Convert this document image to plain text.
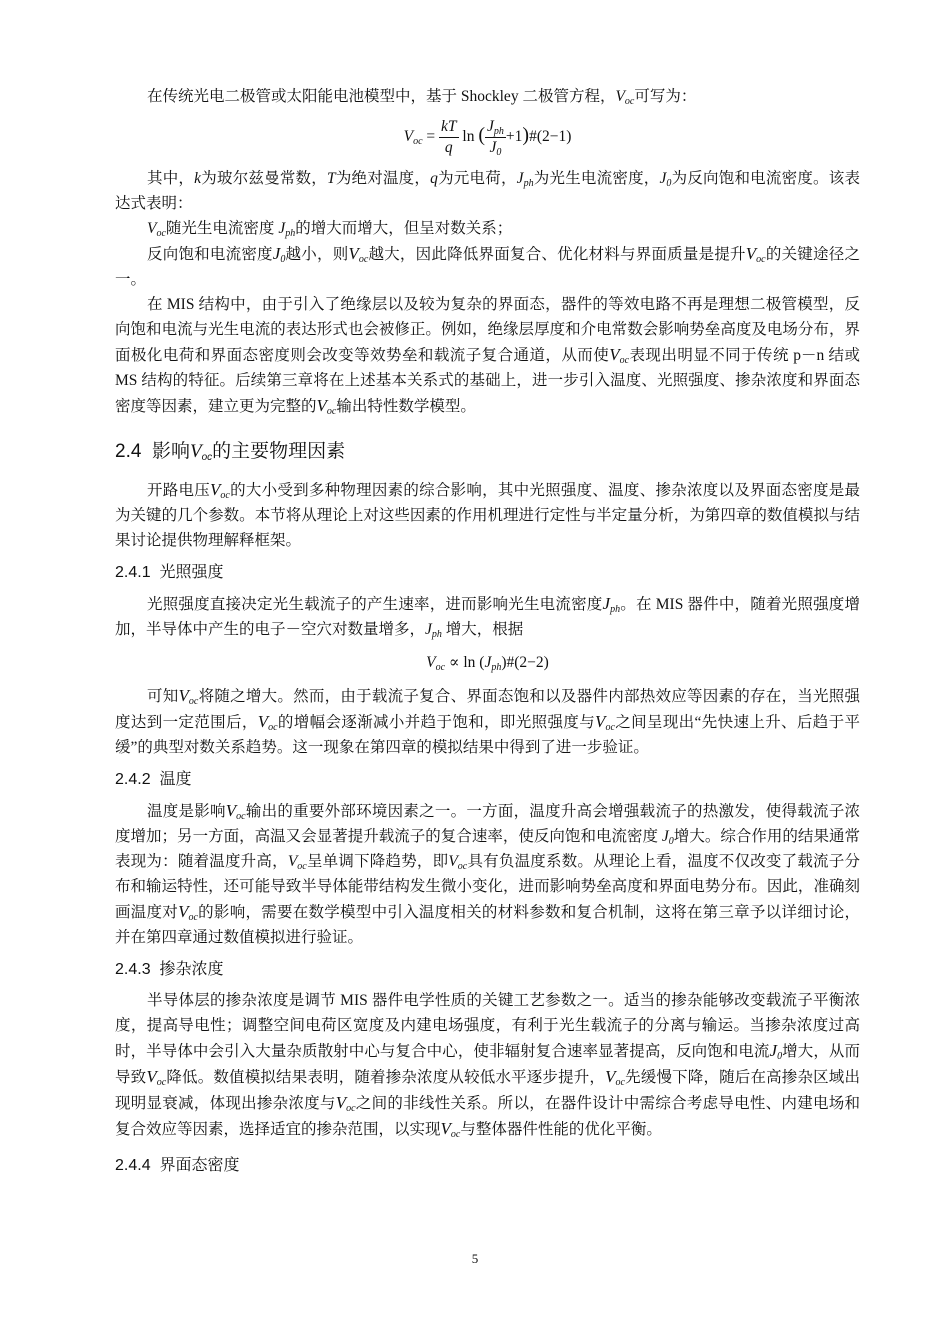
在传统光电二极管或太阳能电池模型中，基于 Shockley 二极管方程，$V_{oc}$可写为：

$V_{oc} = \frac{kT}{q}$ ln ( $\frac{J_{ph}}{J_0}$ +1)#(2−1)

其中，k为玻尔兹曼常数，T为绝对温度，q为元电荷，$J_{ph}$为光生电流密度，$J_0$为反向饱和电流密度。该表达式表明：

$V_{oc}$随光生电流密度 $J_{ph}$的增大而增大，但呈对数关系；

反向饱和电流密度$J_0$越小，则$V_{oc}$越大，因此降低界面复合、优化材料与界面质量是提升$V_{oc}$的关键途径之一。

在 MIS 结构中，由于引入了绝缘层以及较为复杂的界面态，器件的等效电路不再是理想二极管模型，反向饱和电流与光生电流的表达形式也会被修正。例如，绝缘层厚度和介电常数会影响势垒高度及电场分布，界面极化电荷和界面态密度则会改变等效势垒和载流子复合通道，从而使$V_{oc}$表现出明显不同于传统 p－n 结或 MS 结构的特征。后续第三章将在上述基本关系式的基础上，进一步引入温度、光照强度、掺杂浓度和界面态密度等因素，建立更为完整的$V_{oc}$输出特性数学模型。

2.4 影响$V_{oc}$的主要物理因素

开路电压$V_{oc}$的大小受到多种物理因素的综合影响，其中光照强度、温度、掺杂浓度以及界面态密度是最为关键的几个参数。本节将从理论上对这些因素的作用机理进行定性与半定量分析，为第四章的数值模拟与结果讨论提供物理解释框架。

2.4.1 光照强度

光照强度直接决定光生载流子的产生速率，进而影响光生电流密度$J_{ph}$。在 MIS 器件中，随着光照强度增加，半导体中产生的电子－空穴对数量增多，$J_{ph}$ 增大，根据

$V_{oc} \propto \ln$ $(J_{ph})\#(2-2)$

可知$V_{oc}$将随之增大。然而，由于载流子复合、界面态饱和以及器件内部热效应等因素的存在，当光照强度达到一定范围后，$V_{oc}$的增幅会逐渐减小并趋于饱和，即光照强度与$V_{oc}$之间呈现出“先快速上升、后趋于平缓”的典型对数关系趋势。这一现象在第四章的模拟结果中得到了进一步验证。

2.4.2 温度

温度是影响$V_{oc}$输出的重要外部环境因素之一。一方面，温度升高会增强载流子的热激发，使得载流子浓度增加；另一方面，高温又会显著提升载流子的复合速率，使反向饱和电流密度 $J_0$增大。综合作用的结果通常表现为：随着温度升高，$V_{oc}$呈单调下降趋势，即$V_{oc}$具有负温度系数。从理论上看，温度不仅改变了载流子分布和输运特性，还可能导致半导体能带结构发生微小变化，进而影响势垒高度和界面电势分布。因此，准确刻画温度对$V_{oc}$的影响，需要在数学模型中引入温度相关的材料参数和复合机制，这将在第三章予以详细讨论，并在第四章通过数值模拟进行验证。

2.4.3 掺杂浓度

半导体层的掺杂浓度是调节 MIS 器件电学性质的关键工艺参数之一。适当的掺杂能够改变载流子平衡浓度，提高导电性；调整空间电荷区宽度及内建电场强度，有利于光生载流子的分离与输运。当掺杂浓度过高时，半导体中会引入大量杂质散射中心与复合中心，使非辐射复合速率显著提高，反向饱和电流$J_0$增大，从而导致$V_{oc}$降低。数值模拟结果表明，随着掺杂浓度从较低水平逐步提升，$V_{oc}$先缓慢下降，随后在高掺杂区域出现明显衰减，体现出掺杂浓度与$V_{oc}$之间的非线性关系。所以，在器件设计中需综合考虑导电性、内建电场和复合效应等因素，选择适宜的掺杂范围，以实现$V_{oc}$与整体器件性能的优化平衡。

2.4.4 界面态密度
5
